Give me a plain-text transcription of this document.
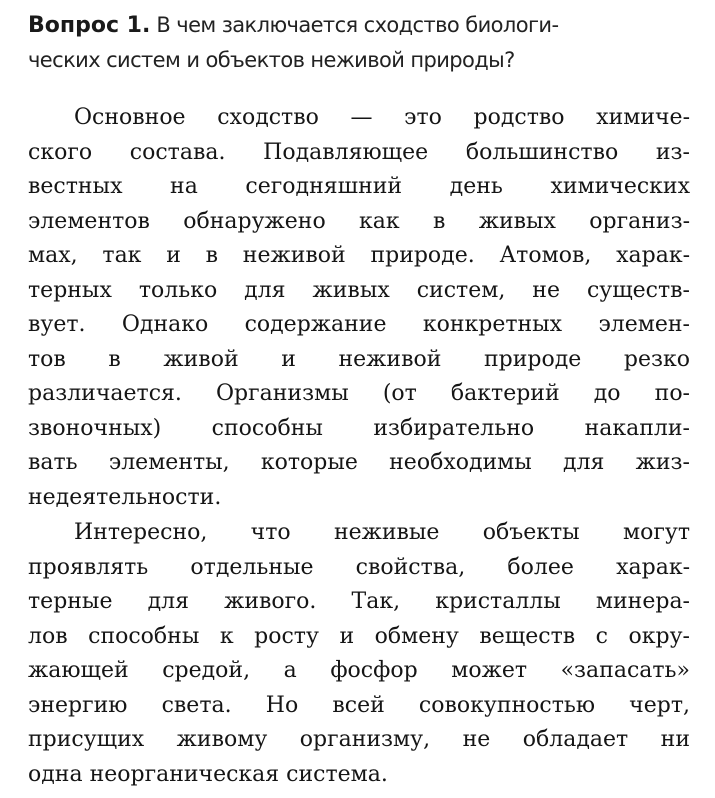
Вопрос 1. В чем заключается сходство биологи-
ческих систем и объектов неживой природы?
Основное сходство — это родство химиче-
ского состава. Подавляющее большинство из-
вестных на сегодняшний день химических
элементов обнаружено как в живых организ-
мах, так и в неживой природе. Атомов, харак-
терных только для живых систем, не существ-
вует. Однако содержание конкретных элемен-
тов в живой и неживой природе резко
различается. Организмы (от бактерий до по-
звоночных) способны избирательно накапли-
вать элементы, которые необходимы для жиз-
недеятельности.
Интересно, что неживые объекты могут
проявлять отдельные свойства, более харак-
терные для живого. Так, кристаллы минера-
лов способны к росту и обмену веществ с окру-
жающей средой, а фосфор может «запасать»
энергию света. Но всей совокупностью черт,
присущих живому организму, не обладает ни
одна неорганическая система.
